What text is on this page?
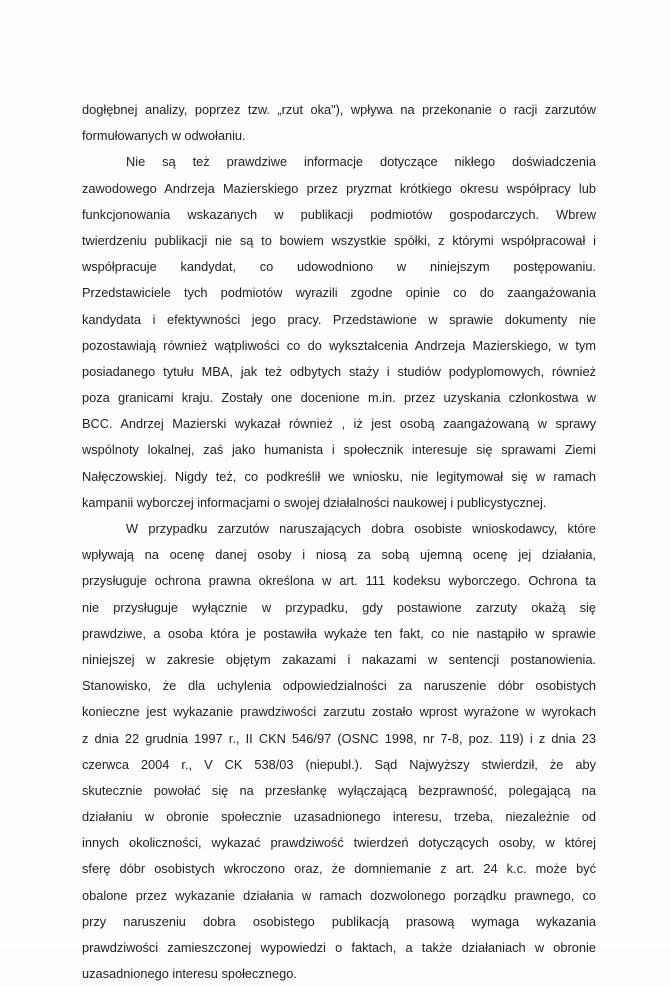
dogłębnej analizy, poprzez tzw. „rzut oka"), wpływa na przekonanie o racji zarzutów
formułowanych w odwołaniu.
Nie są też prawdziwe informacje dotyczące nikłego doświadczenia
zawodowego Andrzeja Mazierskiego przez pryzmat krótkiego okresu współpracy lub
funkcjonowania wskazanych w publikacji podmiotów gospodarczych. Wbrew
twierdzeniu publikacji nie są to bowiem wszystkie spółki, z którymi współpracował i
współpracuje kandydat, co udowodniono w niniejszym postępowaniu.
Przedstawiciele tych podmiotów wyrazili zgodne opinie co do zaangażowania
kandydata i efektywności jego pracy. Przedstawione w sprawie dokumenty nie
pozostawiają również wątpliwości co do wykształcenia Andrzeja Mazierskiego, w tym
posiadanego tytułu MBA, jak też odbytych staży i studiów podyplomowych, również
poza granicami kraju. Zostały one docenione m.in. przez uzyskania członkostwa w
BCC. Andrzej Mazierski wykazał również , iż jest osobą zaangażowaną w sprawy
wspólnoty lokalnej, zaś jako humanista i społecznik interesuje się sprawami Ziemi
Nałęczowskiej. Nigdy też, co podkreślił we wniosku, nie legitymował się w ramach
kampanii wyborczej informacjami o swojej działalności naukowej i publicystycznej.
W przypadku zarzutów naruszających dobra osobiste wnioskodawcy, które
wpływają na ocenę danej osoby i niosą za sobą ujemną ocenę jej działania,
przysługuje ochrona prawna określona w art. 111 kodeksu wyborczego. Ochrona ta
nie przysługuje wyłącznie w przypadku, gdy postawione zarzuty okażą się
prawdziwe, a osoba która je postawiła wykaże ten fakt, co nie nastąpiło w sprawie
niniejszej w zakresie objętym zakazami i nakazami w sentencji postanowienia.
Stanowisko, że dla uchylenia odpowiedzialności za naruszenie dóbr osobistych
konieczne jest wykazanie prawdziwości zarzutu zostało wprost wyrażone w wyrokach
z dnia 22 grudnia 1997 r., II CKN 546/97 (OSNC 1998, nr 7-8, poz. 119) i z dnia 23
czerwca 2004 r., V CK 538/03 (niepubl.). Sąd Najwyższy stwierdził, że aby
skutecznie powołać się na przesłankę wyłączającą bezprawność, polegającą na
działaniu w obronie społecznie uzasadnionego interesu, trzeba, niezależnie od
innych okoliczności, wykazać prawdziwość twierdzeń dotyczących osoby, w której
sferę dóbr osobistych wkroczono oraz, że domniemanie z art. 24 k.c. może być
obalone przez wykazanie działania w ramach dozwolonego porządku prawnego, co
przy naruszeniu dobra osobistego publikacją prasową wymaga wykazania
prawdziwości zamieszczonej wypowiedzi o faktach, a także działaniach w obronie
uzasadnionego interesu społecznego.
